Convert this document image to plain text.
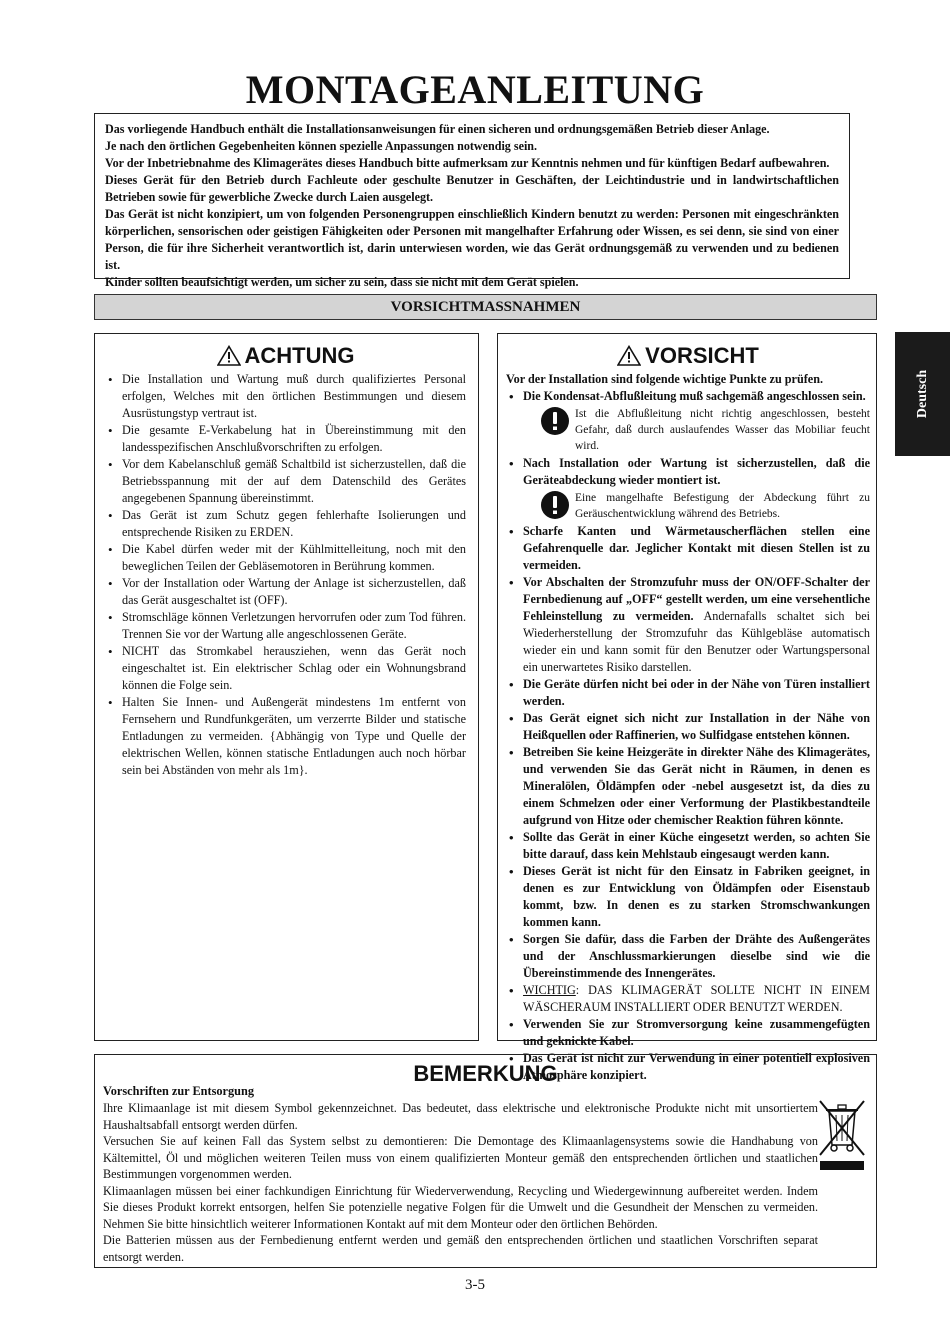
MONTAGEANLEITUNG

Das vorliegende Handbuch enthält die Installationsanweisungen für einen sicheren und ordnungsgemäßen Betrieb dieser Anlage.

Je nach den örtlichen Gegebenheiten können spezielle Anpassungen notwendig sein.

Vor der Inbetriebnahme des Klimagerätes dieses Handbuch bitte aufmerksam zur Kenntnis nehmen und für künftigen Bedarf aufbewahren.

Dieses Gerät für den Betrieb durch Fachleute oder geschulte Benutzer in Geschäften, der Leichtindustrie und in landwirtschaftlichen Betrieben sowie für gewerbliche Zwecke durch Laien ausgelegt.

Das Gerät ist nicht konzipiert, um von folgenden Personengruppen einschließlich Kindern benutzt zu werden: Personen mit eingeschränkten körperlichen, sensorischen oder geistigen Fähigkeiten oder Personen mit mangelhafter Erfahrung oder Wissen, es sei denn, sie sind von einer Person, die für ihre Sicherheit verantwortlich ist, darin unterwiesen worden, wie das Gerät ordnungsgemäß zu verwenden und zu bedienen ist.

Kinder sollten beaufsichtigt werden, um sicher zu sein, dass sie nicht mit dem Gerät spielen.

VORSICHTMASSNAHMEN
ACHTUNG
• Die Installation und Wartung muß durch qualifiziertes Personal erfolgen, Welches mit den örtlichen Bestimmungen und diesem Ausrüstungstyp vertraut ist.
• Die gesamte E-Verkabelung hat in Übereinstimmung mit den landesspezifischen Anschlußvorschriften zu erfolgen.
• Vor dem Kabelanschluß gemäß Schaltbild ist sicherzustellen, daß die Betriebsspannung mit der auf dem Datenschild des Gerätes angegebenen Spannung übereinstimmt.
• Das Gerät ist zum Schutz gegen fehlerhafte Isolierungen und entsprechende Risiken zu ERDEN.
• Die Kabel dürfen weder mit der Kühlmittelleitung, noch mit den beweglichen Teilen der Gebläsemotoren in Berührung kommen.
• Vor der Installation oder Wartung der Anlage ist sicherzustellen, daß das Gerät ausgeschaltet ist (OFF).
• Stromschläge können Verletzungen hervorrufen oder zum Tod führen. Trennen Sie vor der Wartung alle angeschlossenen Geräte.
• NICHT das Stromkabel herausziehen, wenn das Gerät noch eingeschaltet ist. Ein elektrischer Schlag oder ein Wohnungsbrand können die Folge sein.
• Halten Sie Innen- und Außengerät mindestens 1m entfernt von Fernsehern und Rundfunkgeräten, um verzerrte Bilder und statische Entladungen zu vermeiden. {Abhängig von Type und Quelle der elektrischen Wellen, können statische Entladungen auch noch hörbar sein bei Abständen von mehr als 1m}.
VORSICHT

Vor der Installation sind folgende wichtige Punkte zu prüfen.

• Die Kondensat-Abflußleitung muß sachgemäß angeschlossen sein.
Ist die Abflußleitung nicht richtig angeschlossen, besteht Gefahr, daß durch auslaufendes Wasser das Mobiliar feucht wird.
• Nach Installation oder Wartung ist sicherzustellen, daß die Geräteabdeckung wieder montiert ist.
Eine mangelhafte Befestigung der Abdeckung führt zu Geräuschentwicklung während des Betriebs.
• Scharfe Kanten und Wärmetauscherflächen stellen eine Gefahrenquelle dar. Jeglicher Kontakt mit diesen Stellen ist zu vermeiden.
• Vor Abschalten der Stromzufuhr muss der ON/OFF-Schalter der Fernbedienung auf „OFF“ gestellt werden, um eine versehentliche Fehleinstellung zu vermeiden. Andernafalls schaltet sich bei Wiederherstellung der Stromzufuhr das Kühlgebläse automatisch wieder ein und kann somit für den Benutzer oder Wartungspersonal ein unerwartetes Risiko darstellen.
• Die Geräte dürfen nicht bei oder in der Nähe von Türen installiert werden.
• Das Gerät eignet sich nicht zur Installation in der Nähe von Heißquellen oder Raffinerien, wo Sulfidgase entstehen können.
• Betreiben Sie keine Heizgeräte in direkter Nähe des Klimagerätes, und verwenden Sie das Gerät nicht in Räumen, in denen es Mineralölen, Öldämpfen oder -nebel ausgesetzt ist, da dies zu einem Schmelzen oder einer Verformung der Plastikbestandteile aufgrund von Hitze oder chemischer Reaktion führen könnte.
• Sollte das Gerät in einer Küche eingesetzt werden, so achten Sie bitte darauf, dass kein Mehlstaub eingesaugt werden kann.
• Dieses Gerät ist nicht für den Einsatz in Fabriken geeignet, in denen es zur Entwicklung von Öldämpfen oder Eisenstaub kommt, bzw. In denen es zu starken Stromschwankungen kommen kann.
• Sorgen Sie dafür, dass die Farben der Drähte des Außengerätes und der Anschlussmarkierungen dieselbe sind wie die Übereinstimmende des Innengerätes.
• WICHTIG: DAS KLIMAGERÄT SOLLTE NICHT IN EINEM WÄSCHERAUM INSTALLIERT ODER BENUTZT WERDEN.
• Verwenden Sie zur Stromversorgung keine zusammengefügten und geknickte Kabel.
• Das Gerät ist nicht zur Verwendung in einer potentiell explosiven Atmosphäre konzipiert.
BEMERKUNG

Vorschriften zur Entsorgung

Ihre Klimaanlage ist mit diesem Symbol gekennzeichnet. Das bedeutet, dass elektrische und elektronische Produkte nicht mit unsortiertem Haushaltsabfall entsorgt werden dürfen.

Versuchen Sie auf keinen Fall das System selbst zu demontieren: Die Demontage des Klimaanlagensystems sowie die Handhabung von Kältemittel, Öl und möglichen weiteren Teilen muss von einem qualifizierten Monteur gemäß den entsprechenden örtlichen und staatlichen Bestimmungen vorgenommen werden.

Klimaanlagen müssen bei einer fachkundigen Einrichtung für Wiederverwendung, Recycling und Wiedergewinnung aufbereitet werden. Indem Sie dieses Produkt korrekt entsorgen, helfen Sie potenzielle negative Folgen für die Umwelt und die Gesundheit der Menschen zu vermeiden. Nehmen Sie bitte hinsichtlich weiterer Informationen Kontakt auf mit dem Monteur oder den örtlichen Behörden.

Die Batterien müssen aus der Fernbedienung entfernt werden und gemäß den entsprechenden örtlichen und staatlichen Vorschriften separat entsorgt werden.

3-5
Deutsch
